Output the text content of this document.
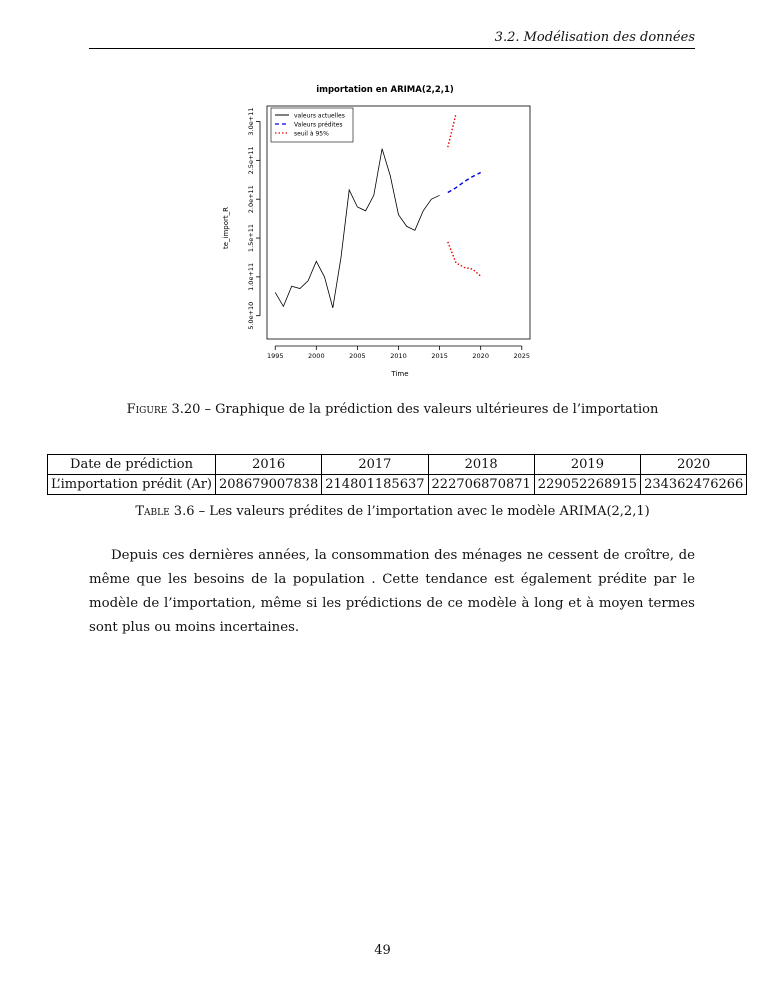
3.2. Modélisation des données
importation en ARIMA(2,2,1)
1995	2000	2005	2010	2015	2020	2025
5.0e+10
1.0e+11
1.5e+11
2.0e+11
2.5e+11
3.0e+11
Time
te_import_R
valeurs actuelles
Valeurs prédites
seuil à 95%
Figure 3.20 – Graphique de la prédiction des valeurs ultérieures de l’importation
Date de prédiction	2016	2017	2018	2019	2020
L’importation prédit (Ar)	208679007838	214801185637	222706870871	229052268915	234362476266
Table 3.6 – Les valeurs prédites de l’importation avec le modèle ARIMA(2,2,1)

Depuis ces dernières années, la consommation des ménages ne cessent de croître, de même que les besoins de la population . Cette tendance est également prédite par le modèle de l’importation, même si les prédictions de ce modèle à long et à moyen termes sont plus ou moins incertaines.

49
